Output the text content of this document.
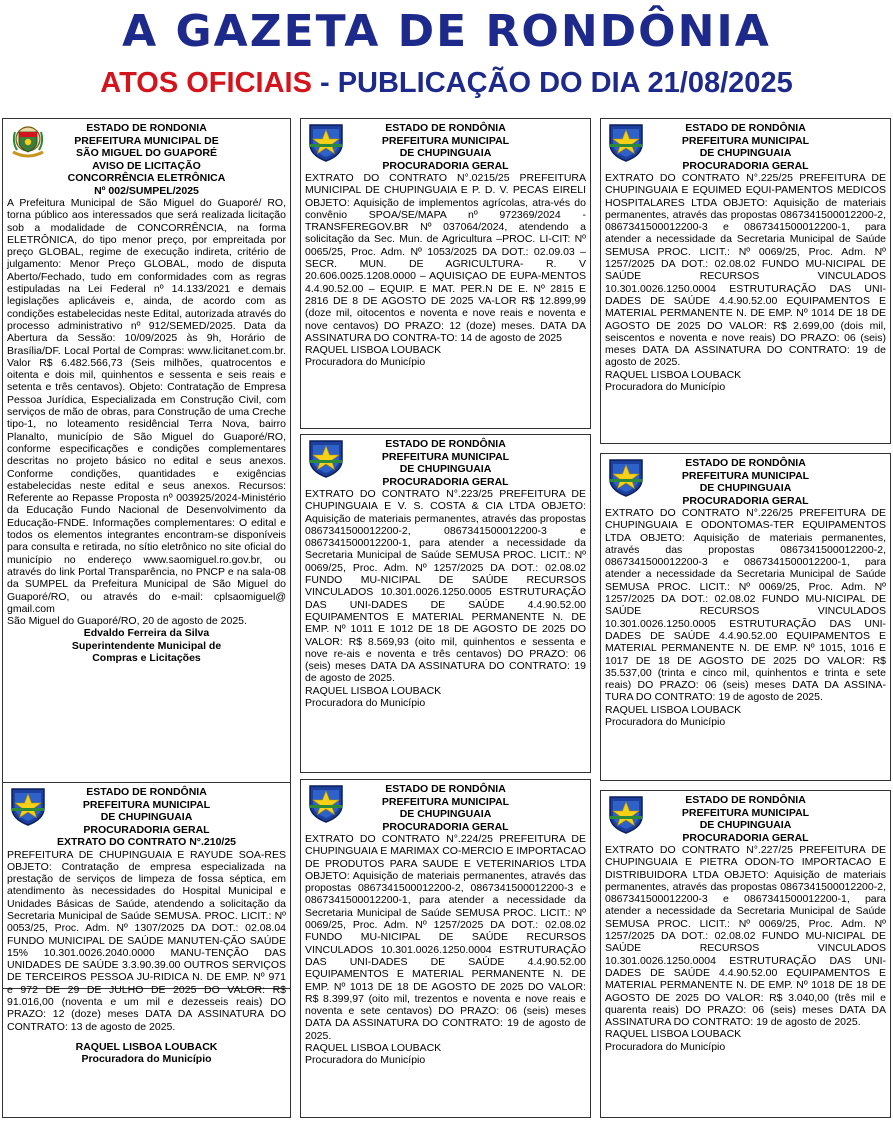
A GAZETA DE RONDÔNIA
ATOS OFICIAIS - PUBLICAÇÃO DO DIA 21/08/2025
ESTADO DE RONDONIA
PREFEITURA MUNICIPAL DE
SÃO MIGUEL DO GUAPORÉ
AVISO DE LICITAÇÃO
CONCORRÊNCIA ELETRÔNICA
Nº 002/SUMPEL/2025

A Prefeitura Municipal de São Miguel do Guaporé/ RO, torna público aos interessados que será realizada licitação sob a modalidade de CONCORRÊNCIA, na forma ELETRÔNICA, do tipo menor preço, por empreitada por preço GLOBAL, regime de execução indireta, critério de julgamento: Menor Preço GLOBAL, modo de disputa Aberto/Fechado, tudo em conformidades com as regras estipuladas na Lei Federal nº 14.133/2021 e demais legislações aplicáveis e, ainda, de acordo com as condições estabelecidas neste Edital, autorizada através do processo administrativo nº 912/SEMED/2025. Data da Abertura da Sessão: 10/09/2025 às 9h, Horário de Brasília/DF. Local Portal de Compras: www.licitanet.com.br. Valor R$ 6.482.566,73 (Seis milhões, quatrocentos e oitenta e dois mil, quinhentos e sessenta e seis reais e setenta e três centavos). Objeto: Contratação de Empresa Pessoa Jurídica, Especializada em Construção Civil, com serviços de mão de obras, para Construção de uma Creche tipo-1, no loteamento residêncial Terra Nova, bairro Planalto, município de São Miguel do Guaporé/RO, conforme especificações e condições complementares descritas no projeto básico no edital e seus anexos. Conforme condições, quantidades e exigências estabelecidas neste edital e seus anexos. Recursos: Referente ao Repasse Proposta nº 003925/2024-Ministério da Educação Fundo Nacional de Desenvolvimento da Educação-FNDE. Informações complementares: O edital e todos os elementos integrantes encontram-se disponíveis para consulta e retirada, no sítio eletrônico no site oficial do município no endereço www.saomiguel.ro.gov.br, ou através do link Portal Transparência, no PNCP e na sala-08 da SUMPEL da Prefeitura Municipal de São Miguel do Guaporé/RO, ou através do e-mail: cplsaomiguel@ gmail.com

São Miguel do Guaporé/RO, 20 de agosto de 2025.

Edvaldo Ferreira da Silva

Superintendente Municipal de

Compras e Licitações

ESTADO DE RONDÔNIA
PREFEITURA MUNICIPAL
DE CHUPINGUAIA
PROCURADORIA GERAL
EXTRATO DO CONTRATO N°.210/25

PREFEITURA DE CHUPINGUAIA E RAYUDE SOA-RES OBJETO: Contratação de empresa especializada na prestação de serviços de limpeza de fossa séptica, em atendimento às necessidades do Hospital Municipal e Unidades Básicas de Saúde, atendendo a solicitação da Secretaria Municipal de Saúde SEMUSA. PROC. LICIT.: Nº 0053/25, Proc. Adm. Nº 1307/2025 DA DOT.: 02.08.04 FUNDO MUNICIPAL DE SAÚDE MANUTEN-ÇÃO SAÚDE 15% 10.301.0026.2040.0000 MANU-TENÇÃO DAS UNIDADES DE SAÚDE 3.3.90.39.00 OUTROS SERVIÇOS DE TERCEIROS PESSOA JU-RIDICA N. DE EMP. Nº 971 e 972 DE 29 DE JULHO DE 2025 DO VALOR: R$ 91.016,00 (noventa e um mil e dezesseis reais) DO PRAZO: 12 (doze) meses DATA DA ASSINATURA DO CONTRATO: 13 de agosto de 2025.

RAQUEL LISBOA LOUBACK

Procuradora do Município

ESTADO DE RONDÔNIA
PREFEITURA MUNICIPAL
DE CHUPINGUAIA
PROCURADORIA GERAL

EXTRATO DO CONTRATO N°.0215/25 PREFEITURA MUNICIPAL DE CHUPINGUAIA E P. D. V. PECAS EIRELI OBJETO: Aquisição de implementos agrícolas, atra-vés do convênio SPOA/SE/MAPA nº 972369/2024 - TRANSFEREGOV.BR Nº 037064/2024, atendendo a solicitação da Sec. Mun. de Agricultura –PROC. LI-CIT: Nº 0065/25, Proc. Adm. Nº 1053/2025 DA DOT.: 02.09.03 – SECR. MUN. DE AGRICULTURA- R. V 20.606.0025.1208.0000 – AQUISIÇAO DE EUPA-MENTOS 4.4.90.52.00 – EQUIP. E MAT. PER.N DE E. Nº 2815 E 2816 DE 8 DE AGOSTO DE 2025 VA-LOR R$ 12.899,99 (doze mil, oitocentos e noventa e nove reais e noventa e nove centavos) DO PRAZO: 12 (doze) meses. DATA DA ASSINATURA DO CONTRA-TO: 14 de agosto de 2025

RAQUEL LISBOA LOUBACK

Procuradora do Município

ESTADO DE RONDÔNIA
PREFEITURA MUNICIPAL
DE CHUPINGUAIA
PROCURADORIA GERAL

EXTRATO DO CONTRATO N°.223/25 PREFEITURA DE CHUPINGUAIA E V. S. COSTA & CIA LTDA OBJETO: Aquisição de materiais permanentes, através das propostas 0867341500012200-2, 0867341500012200-3 e 0867341500012200-1, para atender a necessidade da Secretaria Municipal de Saúde SEMUSA PROC. LICIT.: Nº 0069/25, Proc. Adm. Nº 1257/2025 DA DOT.: 02.08.02 FUNDO MU-NICIPAL DE SAÚDE RECURSOS VINCULADOS 10.301.0026.1250.0005 ESTRUTURAÇÃO DAS UNI-DADES DE SAÚDE 4.4.90.52.00 EQUIPAMENTOS E MATERIAL PERMANENTE N. DE EMP. Nº 1011 E 1012 DE 18 DE AGOSTO DE 2025 DO VALOR: R$ 8.569,93 (oito mil, quinhentos e sessenta e nove re-ais e noventa e três centavos) DO PRAZO: 06 (seis) meses DATA DA ASSINATURA DO CONTRATO: 19 de agosto de 2025.

RAQUEL LISBOA LOUBACK

Procuradora do Município

ESTADO DE RONDÔNIA
PREFEITURA MUNICIPAL
DE CHUPINGUAIA
PROCURADORIA GERAL

EXTRATO DO CONTRATO N°.224/25 PREFEITURA DE CHUPINGUAIA E MARIMAX CO-MERCIO E IMPORTACAO DE PRODUTOS PARA SAUDE E VETERINARIOS LTDA OBJETO: Aquisição de materiais permanentes, através das propostas 0867341500012200-2, 0867341500012200-3 e 0867341500012200-1, para atender a necessidade da Secretaria Municipal de Saúde SEMUSA PROC. LICIT.: Nº 0069/25, Proc. Adm. Nº 1257/2025 DA DOT.: 02.08.02 FUNDO MU-NICIPAL DE SAÚDE RECURSOS VINCULADOS 10.301.0026.1250.0004 ESTRUTURAÇÃO DAS UNI-DADES DE SAÚDE 4.4.90.52.00 EQUIPAMENTOS E MATERIAL PERMANENTE N. DE EMP. Nº 1013 DE 18 DE AGOSTO DE 2025 DO VALOR: R$ 8.399,97 (oito mil, trezentos e noventa e nove reais e noventa e sete centavos) DO PRAZO: 06 (seis) meses DATA DA ASSINATURA DO CONTRATO: 19 de agosto de 2025.

RAQUEL LISBOA LOUBACK

Procuradora do Município

ESTADO DE RONDÔNIA
PREFEITURA MUNICIPAL
DE CHUPINGUAIA
PROCURADORIA GERAL

EXTRATO DO CONTRATO N°.225/25 PREFEITURA DE CHUPINGUAIA E EQUIMED EQUI-PAMENTOS MEDICOS HOSPITALARES LTDA OBJETO: Aquisição de materiais permanentes, através das propostas 0867341500012200-2, 0867341500012200-3 e 0867341500012200-1, para atender a necessidade da Secretaria Municipal de Saúde SEMUSA PROC. LICIT.: Nº 0069/25, Proc. Adm. Nº 1257/2025 DA DOT.: 02.08.02 FUNDO MU-NICIPAL DE SAÚDE RECURSOS VINCULADOS 10.301.0026.1250.0004 ESTRUTURAÇÃO DAS UNI-DADES DE SAÚDE 4.4.90.52.00 EQUIPAMENTOS E MATERIAL PERMANENTE N. DE EMP. Nº 1014 DE 18 DE AGOSTO DE 2025 DO VALOR: R$ 2.699,00 (dois mil, seiscentos e noventa e nove reais) DO PRAZO: 06 (seis) meses DATA DA ASSINATURA DO CONTRATO: 19 de agosto de 2025.

RAQUEL LISBOA LOUBACK

Procuradora do Município

ESTADO DE RONDÔNIA
PREFEITURA MUNICIPAL
DE CHUPINGUAIA
PROCURADORIA GERAL

EXTRATO DO CONTRATO N°.226/25 PREFEITURA DE CHUPINGUAIA E ODONTOMAS-TER EQUIPAMENTOS LTDA OBJETO: Aquisição de materiais permanentes, através das propostas 0867341500012200-2, 0867341500012200-3 e 0867341500012200-1, para atender a necessidade da Secretaria Municipal de Saúde SEMUSA PROC. LICIT.: Nº 0069/25, Proc. Adm. Nº 1257/2025 DA DOT.: 02.08.02 FUNDO MU-NICIPAL DE SAÚDE RECURSOS VINCULADOS 10.301.0026.1250.0005 ESTRUTURAÇÃO DAS UNI-DADES DE SAÚDE 4.4.90.52.00 EQUIPAMENTOS E MATERIAL PERMANENTE N. DE EMP. Nº 1015, 1016 E 1017 DE 18 DE AGOSTO DE 2025 DO VALOR: R$ 35.537,00 (trinta e cinco mil, quinhentos e trinta e sete reais) DO PRAZO: 06 (seis) meses DATA DA ASSINA-TURA DO CONTRATO: 19 de agosto de 2025.

RAQUEL LISBOA LOUBACK

Procuradora do Município

ESTADO DE RONDÔNIA
PREFEITURA MUNICIPAL
DE CHUPINGUAIA
PROCURADORIA GERAL

EXTRATO DO CONTRATO N°.227/25 PREFEITURA DE CHUPINGUAIA E PIETRA ODON-TO IMPORTACAO E DISTRIBUIDORA LTDA OBJETO: Aquisição de materiais permanentes, através das propostas 0867341500012200-2, 0867341500012200-3 e 0867341500012200-1, para atender a necessidade da Secretaria Municipal de Saúde SEMUSA PROC. LICIT.: Nº 0069/25, Proc. Adm. Nº 1257/2025 DA DOT.: 02.08.02 FUNDO MU-NICIPAL DE SAÚDE RECURSOS VINCULADOS 10.301.0026.1250.0004 ESTRUTURAÇÃO DAS UNI-DADES DE SAÚDE 4.4.90.52.00 EQUIPAMENTOS E MATERIAL PERMANENTE N. DE EMP. Nº 1018 DE 18 DE AGOSTO DE 2025 DO VALOR: R$ 3.040,00 (três mil e quarenta reais) DO PRAZO: 06 (seis) meses DATA DA ASSINATURA DO CONTRATO: 19 de agosto de 2025.

RAQUEL LISBOA LOUBACK

Procuradora do Município
